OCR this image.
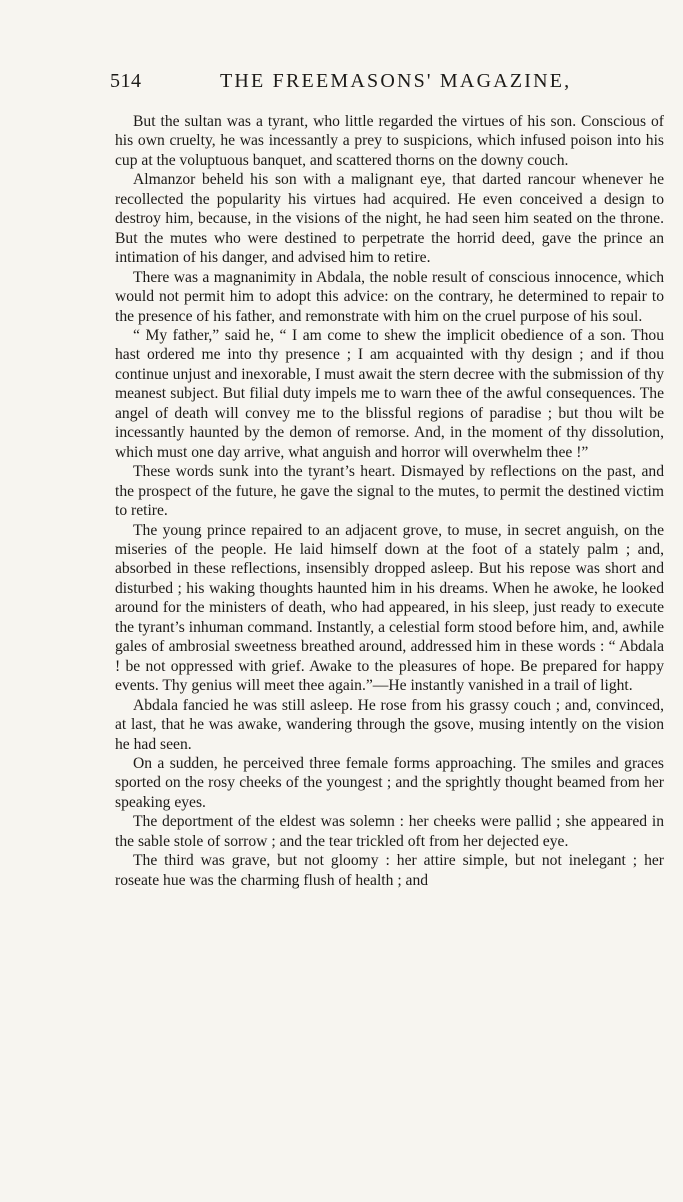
514	THE FREEMASONS' MAGAZINE,

But the sultan was a tyrant, who little regarded the virtues of his son. Conscious of his own cruelty, he was incessantly a prey to suspicions, which infused poison into his cup at the voluptuous banquet, and scattered thorns on the downy couch.

Almanzor beheld his son with a malignant eye, that darted rancour whenever he recollected the popularity his virtues had acquired. He even conceived a design to destroy him, because, in the visions of the night, he had seen him seated on the throne. But the mutes who were destined to perpetrate the horrid deed, gave the prince an intimation of his danger, and advised him to retire.

There was a magnanimity in Abdala, the noble result of conscious innocence, which would not permit him to adopt this advice: on the contrary, he determined to repair to the presence of his father, and remonstrate with him on the cruel purpose of his soul.

“ My father,” said he, “ I am come to shew the implicit obedience of a son. Thou hast ordered me into thy presence ; I am acquainted with thy design ; and if thou continue unjust and inexorable, I must await the stern decree with the submission of thy meanest subject. But filial duty impels me to warn thee of the awful consequences. The angel of death will convey me to the blissful regions of paradise ; but thou wilt be incessantly haunted by the demon of remorse. And, in the moment of thy dissolution, which must one day arrive, what anguish and horror will overwhelm thee !”

These words sunk into the tyrant’s heart. Dismayed by reflections on the past, and the prospect of the future, he gave the signal to the mutes, to permit the destined victim to retire.

The young prince repaired to an adjacent grove, to muse, in secret anguish, on the miseries of the people. He laid himself down at the foot of a stately palm ; and, absorbed in these reflections, insensibly dropped asleep. But his repose was short and disturbed ; his waking thoughts haunted him in his dreams. When he awoke, he looked around for the ministers of death, who had appeared, in his sleep, just ready to execute the tyrant’s inhuman command. Instantly, a celestial form stood before him, and, awhile gales of ambrosial sweetness breathed around, addressed him in these words : “ Abdala ! be not oppressed with grief. Awake to the pleasures of hope. Be prepared for happy events. Thy genius will meet thee again.”—He instantly vanished in a trail of light.

Abdala fancied he was still asleep. He rose from his grassy couch ; and, convinced, at last, that he was awake, wandering through the gsove, musing intently on the vision he had seen.

On a sudden, he perceived three female forms approaching. The smiles and graces sported on the rosy cheeks of the youngest ; and the sprightly thought beamed from her speaking eyes.

The deportment of the eldest was solemn : her cheeks were pallid ; she appeared in the sable stole of sorrow ; and the tear trickled oft from her dejected eye.

The third was grave, but not gloomy : her attire simple, but not inelegant ; her roseate hue was the charming flush of health ; and
